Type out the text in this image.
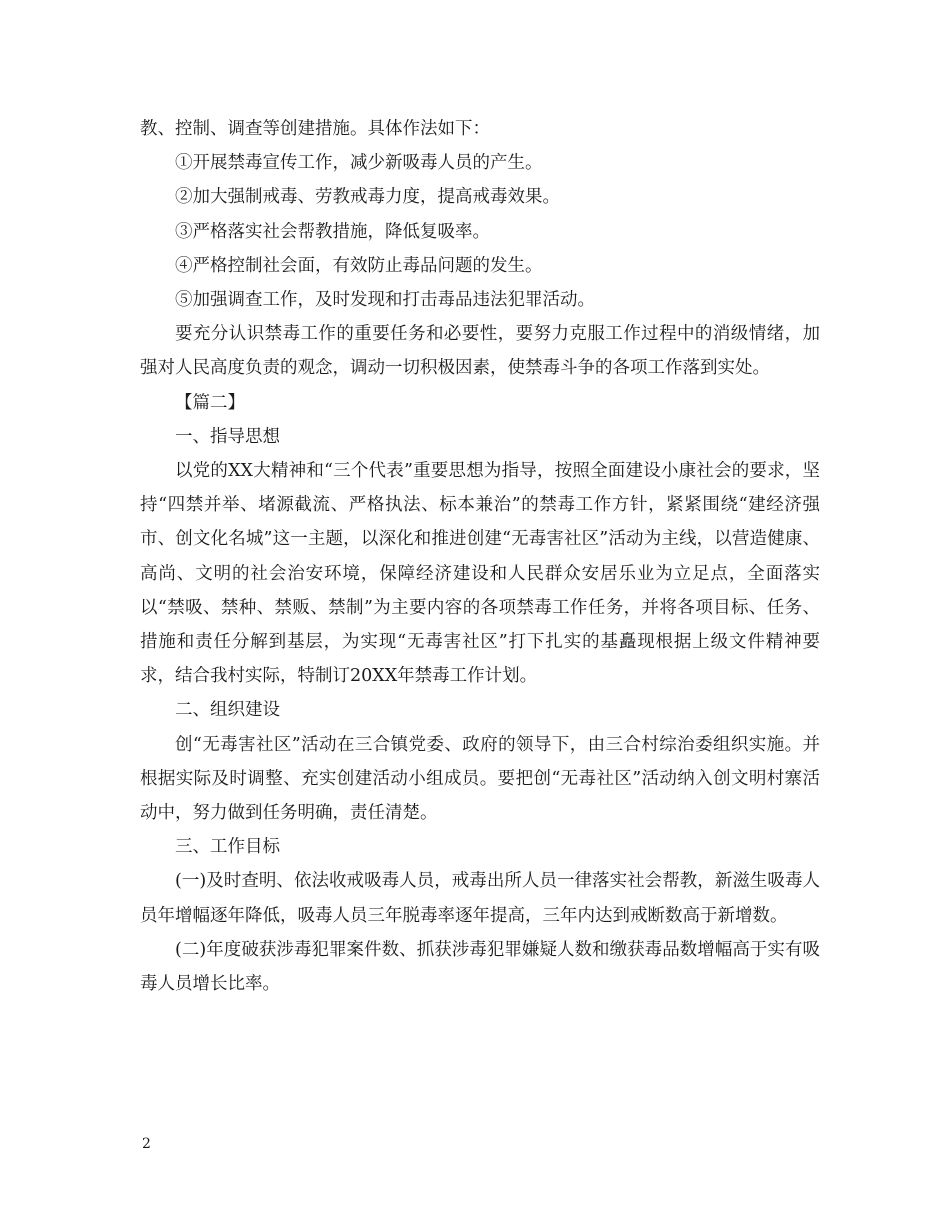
教、控制、调查等创建措施。具体作法如下：

①开展禁毒宣传工作，减少新吸毒人员的产生。

②加大强制戒毒、劳教戒毒力度，提高戒毒效果。

③严格落实社会帮教措施，降低复吸率。

④严格控制社会面，有效防止毒品问题的发生。

⑤加强调查工作，及时发现和打击毒品违法犯罪活动。

要充分认识禁毒工作的重要任务和必要性，要努力克服工作过程中的消级情绪，加强对人民高度负责的观念，调动一切积极因素，使禁毒斗争的各项工作落到实处。

【篇二】

一、指导思想

以党的XX大精神和“三个代表”重要思想为指导，按照全面建设小康社会的要求，坚持“四禁并举、堵源截流、严格执法、标本兼治”的禁毒工作方针，紧紧围绕“建经济强市、创文化名城”这一主题，以深化和推进创建“无毒害社区”活动为主线，以营造健康、高尚、文明的社会治安环境，保障经济建设和人民群众安居乐业为立足点，全面落实以“禁吸、禁种、禁贩、禁制”为主要内容的各项禁毒工作任务，并将各项目标、任务、措施和责任分解到基层，为实现“无毒害社区”打下扎实的基矗现根据上级文件精神要求，结合我村实际，特制订20XX年禁毒工作计划。

二、组织建设

创“无毒害社区”活动在三合镇党委、政府的领导下，由三合村综治委组织实施。并根据实际及时调整、充实创建活动小组成员。要把创“无毒社区”活动纳入创文明村寨活动中，努力做到任务明确，责任清楚。

三、工作目标

(一)及时查明、依法收戒吸毒人员，戒毒出所人员一律落实社会帮教，新滋生吸毒人员年增幅逐年降低，吸毒人员三年脱毒率逐年提高，三年内达到戒断数高于新增数。

(二)年度破获涉毒犯罪案件数、抓获涉毒犯罪嫌疑人数和缴获毒品数增幅高于实有吸毒人员增长比率。

2
